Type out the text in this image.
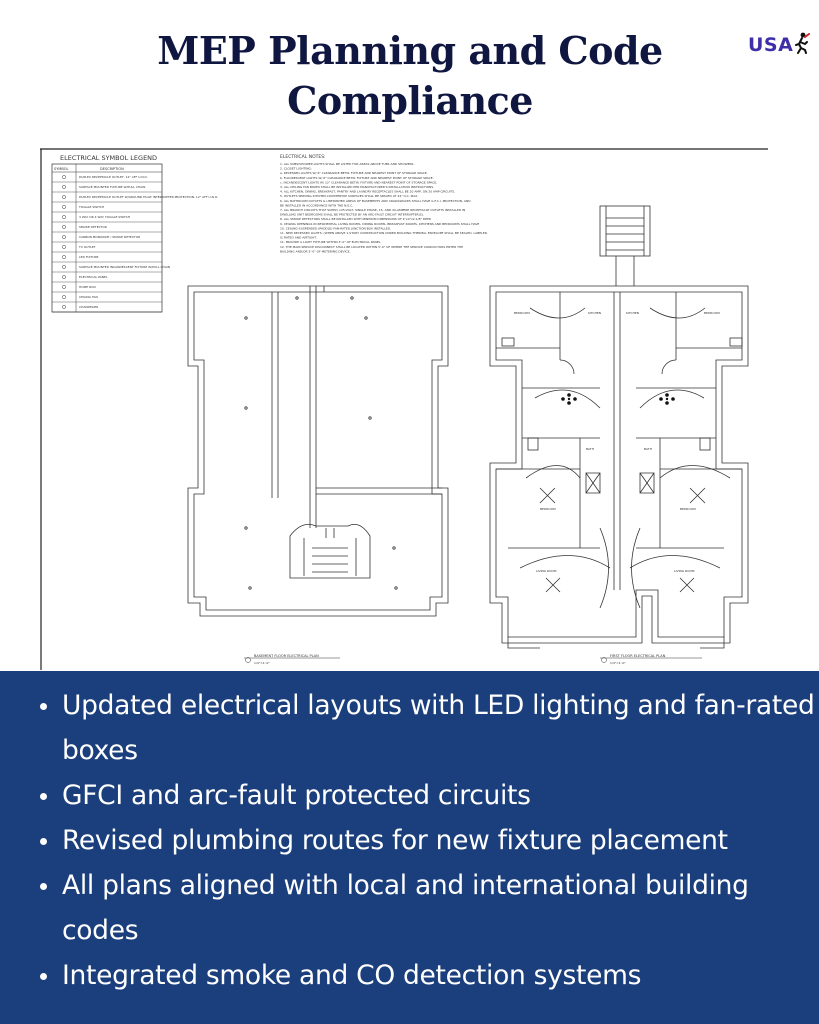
MEP Planning and Code
Compliance
USA
ELECTRICAL SYMBOL LEGEND
SYMBOL	DESCRIPTION
DUPLEX RECEPTACLE OUTLET, 12" AFF U.N.O.
SURFACE MOUNTED FIXTURE W/PULL CHAIN
DUPLEX RECEPTACLE OUTLET W/GROUND FAULT INTERRUPTER PROTECTION, 12" AFF U.N.O.
TOGGLE SWITCH
3 WAY OR 4 WAY TOGGLE SWITCH
SMOKE DETECTOR
CARBON MONOXIDE / SMOKE DETECTOR
TV OUTLET
LED FIXTURE
SURFACE MOUNTED INCANDESCENT FIXTURE W/PULL CHAIN
ELECTRICAL PANEL
HOME RUN
CEILING FAN
CHANDELIER
ELECTRICAL NOTES:
1. ALL SUBS/SHOWER LIGHTS SHALL BE LISTED FOR AREAS ABOVE TUBS AND SHOWERS.
2. CLOSET LIGHTING:
a. RECESSED LIGHTS W/ 6" CLEARANCE BETW. FIXTURE AND NEAREST POINT OF STORAGE SPACE.
b. FLUORESCENT LIGHTS W/ 6" CLEARANCE BETW. FIXTURE AND NEAREST POINT OF STORAGE SPACE.
c. INCANDESCENT LIGHTS W/ 12" CLEARANCE BETW. FIXTURE AND NEAREST POINT OF STORAGE SPACE.
3. ALL CEILING FAN BOXES SHALL BE INSTALLED PER MANUFACTURER'S INSTALLATION INSTRUCTIONS.
4. ALL KITCHEN, DINING, BREAKFAST, PANTRY AND LAUNDRY RECEPTACLES SHALL BE 20 AMP, ON 20 AMP CIRCUITS.
5. OUTLETS SERVING KITCHEN COUNTERTOP SURFACES SHALL BE SPACED AT 24" O.C. MAX.
6. ALL BATHROOM OUTLETS & UNFINISHED AREAS OF BASEMENTS AND CRAWLSPACES SHALL HAVE G.F.C.I. PROTECTION, AND
BE INSTALLED IN ACCORDANCE WITH THE N.E.C.
7. ALL BRANCH CIRCUITS THAT SUPPLY 125-VOLT, SINGLE PHASE, 15- AND 20-AMPERE RECEPTACLE OUTLETS INSTALLED IN
DWELLING UNIT BEDROOMS SHALL BE PROTECTED BY AN ARC-FAULT CIRCUIT INTERRUPTER(S).
8. ALL SMOKE DETECTORS SHALL BE INSTALLED WITH MINIMUM DIMENSIONS OF 4"x4"x2-1/8" DEEP.
9. CEILING OPENINGS IN RESIDENTIAL LIVING ROOMS, DINING ROOMS, BREAKFAST ROOMS, KITCHENS AND BEDROOMS SHALL HAVE
10. CEILING-SUSPENDED (PADDLE) FAN-RATED JUNCTION BOX INSTALLED.
11. NEW RECESSED LIGHTS: (WHEN ABOVE 1-STORY CONSTRUCTION UNDER BUILDING THERMAL ENVELOPE SHALL BE SEALED, LABELED.
IC RATED AND AIRTIGHT.
11. PROVIDE A LIGHT FIXTURE WITHIN 3'-0" OF ELECTRICAL PANEL.
12. THE MAIN SERVICE DISCONNECT SHALL BE LOCATED WITHIN 5'-0" OF WHERE THE SERVICE CONDUCTORS ENTER THE
BUILDING AND/OR 5'-0" OF METERING DEVICE.
BASEMENT FLOOR ELECTRICAL PLAN
1/4"=1'-0"
BEDROOM	BEDROOM
KITCHEN	KITCHEN
BEDROOM	BEDROOM
LIVING ROOM	LIVING ROOM
BATH	BATH
FIRST FLOOR ELECTRICAL PLAN
1/4"=1'-0"
Updated electrical layouts with LED lighting and fan-rated boxes
GFCI and arc-fault protected circuits
Revised plumbing routes for new fixture placement
All plans aligned with local and international building codes
Integrated smoke and CO detection systems
